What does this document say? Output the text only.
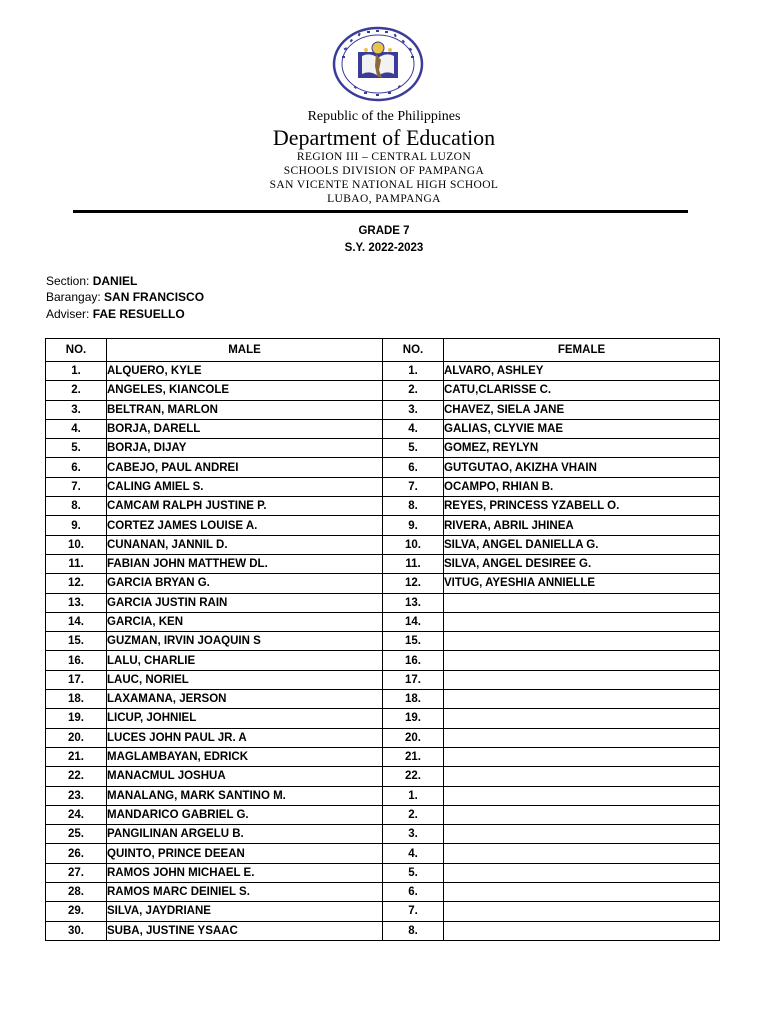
Republic of the Philippines

Department of Education

REGION III – CENTRAL LUZON

SCHOOLS DIVISION OF PAMPANGA

SAN VICENTE NATIONAL HIGH SCHOOL

LUBAO, PAMPANGA

GRADE 7

S.Y. 2022-2023

Section: DANIEL

Barangay: SAN FRANCISCO

Adviser: FAE RESUELLO

NO.	MALE	NO.	FEMALE
1.	ALQUERO, KYLE	1.	ALVARO, ASHLEY
2.	ANGELES, KIANCOLE	2.	CATU,CLARISSE C.
3.	BELTRAN, MARLON	3.	CHAVEZ, SIELA JANE
4.	BORJA, DARELL	4.	GALIAS, CLYVIE MAE
5.	BORJA, DIJAY	5.	GOMEZ, REYLYN
6.	CABEJO, PAUL ANDREI	6.	GUTGUTAO, AKIZHA VHAIN
7.	CALING AMIEL S.	7.	OCAMPO, RHIAN B.
8.	CAMCAM RALPH JUSTINE P.	8.	REYES, PRINCESS YZABELL O.
9.	CORTEZ JAMES LOUISE A.	9.	RIVERA, ABRIL JHINEA
10.	CUNANAN, JANNIL D.	10.	SILVA, ANGEL DANIELLA G.
11.	FABIAN JOHN MATTHEW DL.	11.	SILVA, ANGEL DESIREE G.
12.	GARCIA BRYAN G.	12.	VITUG, AYESHIA ANNIELLE
13.	GARCIA JUSTIN RAIN	13.	
14.	GARCIA, KEN	14.	
15.	GUZMAN, IRVIN JOAQUIN S	15.	
16.	LALU, CHARLIE	16.	
17.	LAUC, NORIEL	17.	
18.	LAXAMANA, JERSON	18.	
19.	LICUP, JOHNIEL	19.	
20.	LUCES JOHN PAUL JR. A	20.	
21.	MAGLAMBAYAN, EDRICK	21.	
22.	MANACMUL JOSHUA	22.	
23.	MANALANG, MARK SANTINO M.	1.	
24.	MANDARICO GABRIEL G.	2.	
25.	PANGILINAN ARGELU B.	3.	
26.	QUINTO, PRINCE DEEAN	4.	
27.	RAMOS JOHN MICHAEL E.	5.	
28.	RAMOS MARC DEINIEL S.	6.	
29.	SILVA, JAYDRIANE	7.	
30.	SUBA, JUSTINE YSAAC	8.	
